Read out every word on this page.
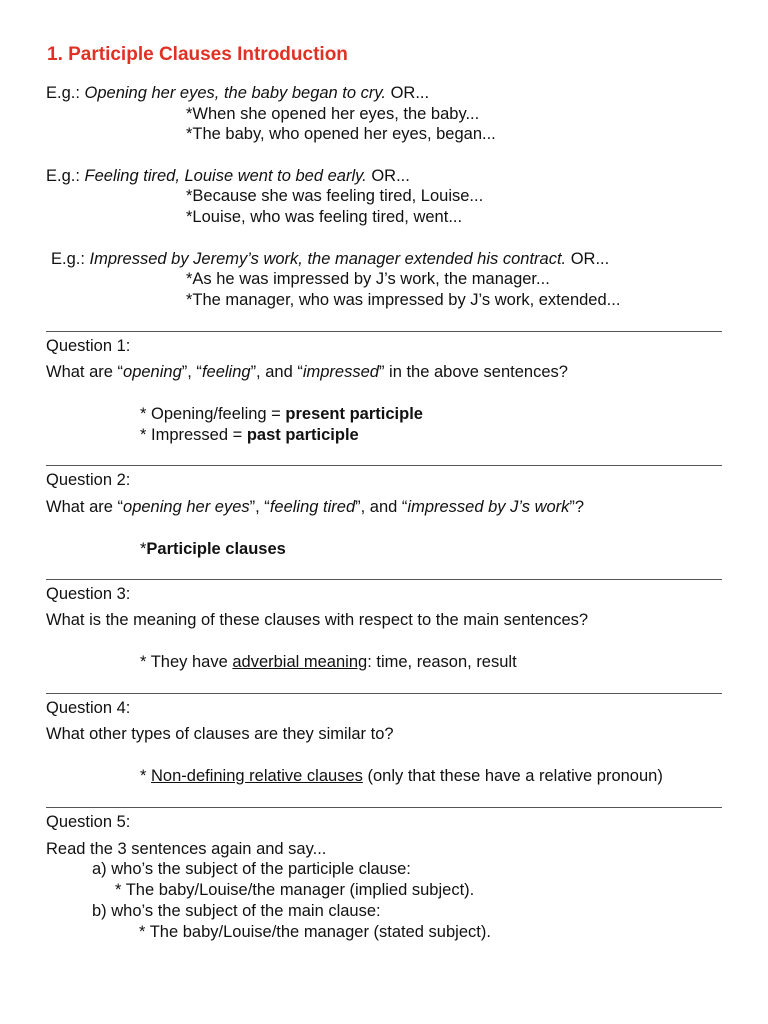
1. Participle Clauses Introduction
E.g.: Opening her eyes, the baby began to cry. OR...
*When she opened her eyes, the baby...
*The baby, who opened her eyes, began...
E.g.: Feeling tired, Louise went to bed early. OR...
*Because she was feeling tired, Louise...
*Louise, who was feeling tired, went...
E.g.: Impressed by Jeremy’s work, the manager extended his contract. OR...
*As he was impressed by J’s work, the manager...
*The manager, who was impressed by J’s work, extended...
Question 1:
What are “opening”, “feeling”, and “impressed” in the above sentences?
* Opening/feeling = present participle
* Impressed = past participle
Question 2:
What are “opening her eyes”, “feeling tired”, and “impressed by J’s work”?
*Participle clauses
Question 3:
What is the meaning of these clauses with respect to the main sentences?
* They have adverbial meaning: time, reason, result
Question 4:
What other types of clauses are they similar to?
* Non-defining relative clauses (only that these have a relative pronoun)
Question 5:
Read the 3 sentences again and say...
a) who’s the subject of the participle clause:
* The baby/Louise/the manager (implied subject).
b) who’s the subject of the main clause:
* The baby/Louise/the manager (stated subject).
